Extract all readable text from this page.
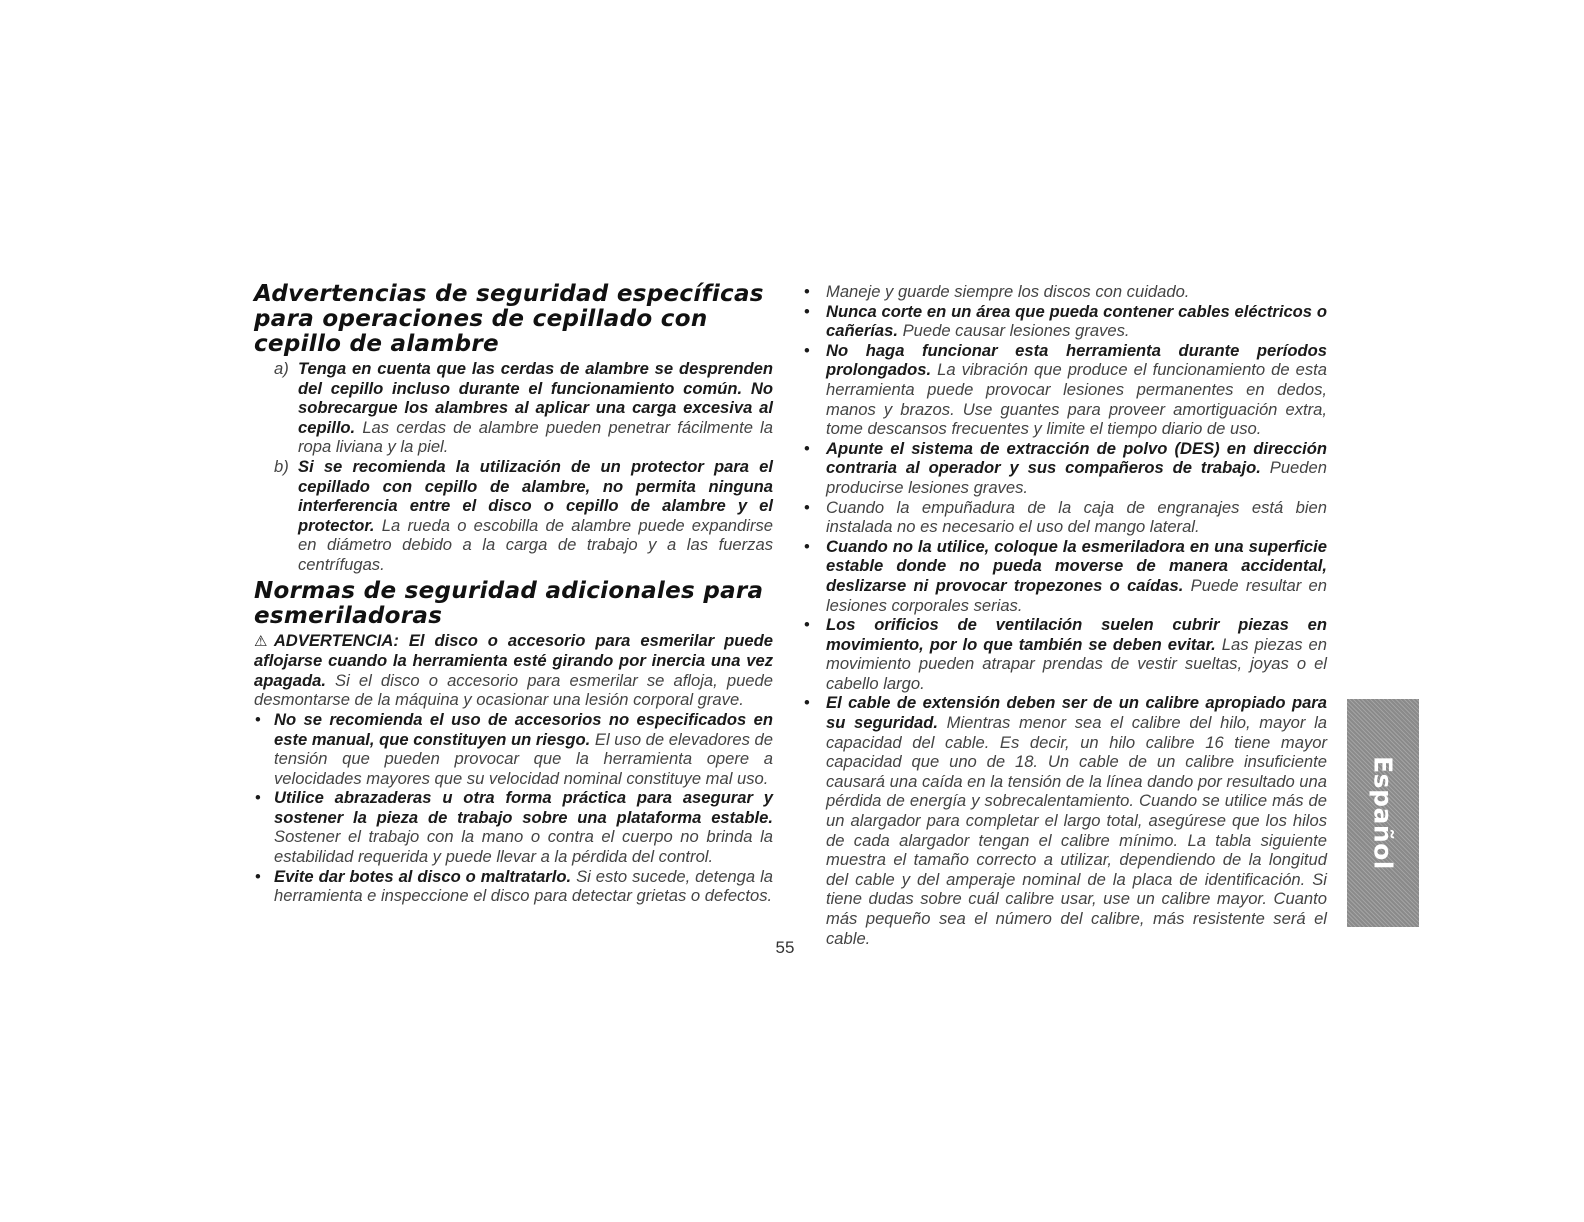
Advertencias de seguridad específicas para operaciones de cepillado con cepillo de alambre
a) Tenga en cuenta que las cerdas de alambre se desprenden del cepillo incluso durante el funcionamiento común. No sobrecargue los alambres al aplicar una carga excesiva al cepillo. Las cerdas de alambre pueden penetrar fácilmente la ropa liviana y la piel.
b) Si se recomienda la utilización de un protector para el cepillado con cepillo de alambre, no permita ninguna interferencia entre el disco o cepillo de alambre y el protector. La rueda o escobilla de alambre puede expandirse en diámetro debido a la carga de trabajo y a las fuerzas centrífugas.
Normas de seguridad adicionales para esmeriladoras

⚠ADVERTENCIA: El disco o accesorio para esmerilar puede aflojarse cuando la herramienta esté girando por inercia una vez apagada. Si el disco o accesorio para esmerilar se afloja, puede desmontarse de la máquina y ocasionar una lesión corporal grave.

• No se recomienda el uso de accesorios no especificados en este manual, que constituyen un riesgo. El uso de elevadores de tensión que pueden provocar que la herramienta opere a velocidades mayores que su velocidad nominal constituye mal uso.
• Utilice abrazaderas u otra forma práctica para asegurar y sostener la pieza de trabajo sobre una plataforma estable. Sostener el trabajo con la mano o contra el cuerpo no brinda la estabilidad requerida y puede llevar a la pérdida del control.
• Evite dar botes al disco o maltratarlo. Si esto sucede, detenga la herramienta e inspeccione el disco para detectar grietas o defectos.
• Maneje y guarde siempre los discos con cuidado.
• Nunca corte en un área que pueda contener cables eléctricos o cañerías. Puede causar lesiones graves.
• No haga funcionar esta herramienta durante períodos prolongados. La vibración que produce el funcionamiento de esta herramienta puede provocar lesiones permanentes en dedos, manos y brazos. Use guantes para proveer amortiguación extra, tome descansos frecuentes y limite el tiempo diario de uso.
• Apunte el sistema de extracción de polvo (DES) en dirección contraria al operador y sus compañeros de trabajo. Pueden producirse lesiones graves.
• Cuando la empuñadura de la caja de engranajes está bien instalada no es necesario el uso del mango lateral.
• Cuando no la utilice, coloque la esmeriladora en una superficie estable donde no pueda moverse de manera accidental, deslizarse ni provocar tropezones o caídas. Puede resultar en lesiones corporales serias.
• Los orificios de ventilación suelen cubrir piezas en movimiento, por lo que también se deben evitar. Las piezas en movimiento pueden atrapar prendas de vestir sueltas, joyas o el cabello largo.
• El cable de extensión deben ser de un calibre apropiado para su seguridad. Mientras menor sea el calibre del hilo, mayor la capacidad del cable. Es decir, un hilo calibre 16 tiene mayor capacidad que uno de 18. Un cable de un calibre insuficiente causará una caída en la tensión de la línea dando por resultado una pérdida de energía y sobrecalentamiento. Cuando se utilice más de un alargador para completar el largo total, asegúrese que los hilos de cada alargador tengan el calibre mínimo. La tabla siguiente muestra el tamaño correcto a utilizar, dependiendo de la longitud del cable y del amperaje nominal de la placa de identificación. Si tiene dudas sobre cuál calibre usar, use un calibre mayor. Cuanto más pequeño sea el número del calibre, más resistente será el cable.
55
Español
